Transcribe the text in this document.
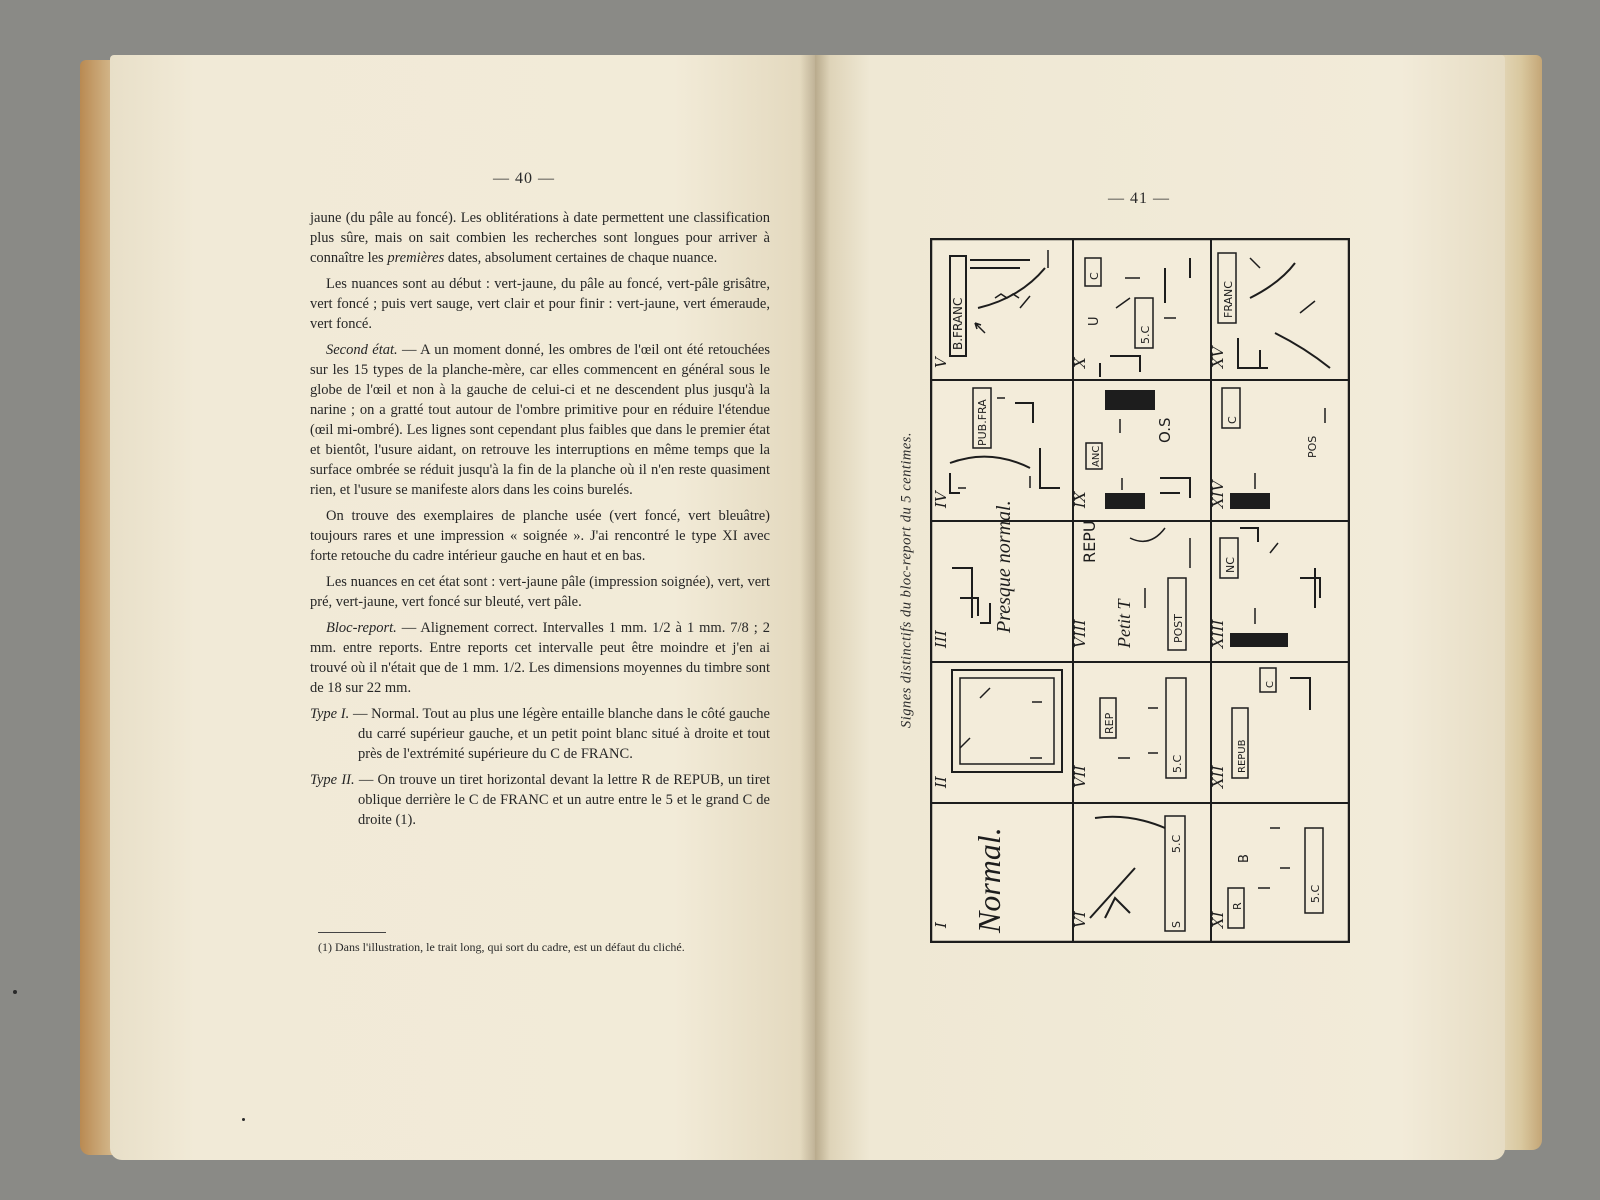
— 40 —

jaune (du pâle au foncé). Les oblitérations à date permettent une classification plus sûre, mais on sait combien les recherches sont longues pour arriver à connaître les premières dates, absolument certaines de chaque nuance.

Les nuances sont au début : vert-jaune, du pâle au foncé, vert-pâle grisâtre, vert foncé ; puis vert sauge, vert clair et pour finir : vert-jaune, vert émeraude, vert foncé.

Second état. — A un moment donné, les ombres de l'œil ont été retouchées sur les 15 types de la planche-mère, car elles commencent en général sous le globe de l'œil et non à la gauche de celui-ci et ne descendent plus jusqu'à la narine ; on a gratté tout autour de l'ombre primitive pour en réduire l'étendue (œil mi-ombré). Les lignes sont cependant plus faibles que dans le premier état et bientôt, l'usure aidant, on retrouve les interruptions en même temps que la surface ombrée se réduit jusqu'à la fin de la planche où il n'en reste quasiment rien, et l'usure se manifeste alors dans les coins burelés.

On trouve des exemplaires de planche usée (vert foncé, vert bleuâtre) toujours rares et une impression « soignée ». J'ai rencontré le type XI avec forte retouche du cadre intérieur gauche en haut et en bas.

Les nuances en cet état sont : vert-jaune pâle (impression soignée), vert, vert pré, vert-jaune, vert foncé sur bleuté, vert pâle.

Bloc-report. — Alignement correct. Intervalles 1 mm. 1/2 à 1 mm. 7/8 ; 2 mm. entre reports. Entre reports cet intervalle peut être moindre et j'en ai trouvé où il n'était que de 1 mm. 1/2. Les dimensions moyennes du timbre sont de 18 sur 22 mm.

Type I. — Normal. Tout au plus une légère entaille blanche dans le côté gauche du carré supérieur gauche, et un petit point blanc situé à droite et tout près de l'extrémité supérieure du C de FRANC.

Type II. — On trouve un tiret horizontal devant la lettre R de REPUB, un tiret oblique derrière le C de FRANC et un autre entre le 5 et le grand C de droite (1).

(1) Dans l'illustration, le trait long, qui sort du cadre, est un défaut du cliché.
— 41 —
Signes distinctifs du bloc-report du 5 centimes.
V
B.FRANC
IV
PUB.FRA
III
Presque normal.
II
I Normal.
X
C
U
5.C
IX
ANC
O.S
VIII
REPU
Petit T	POST
VII
REP
5.C
VI
5.C
S
XV
FRANC
XIV
C
POS
XIII
NC
XII
REPUB
C
XI
R
B
5.C
